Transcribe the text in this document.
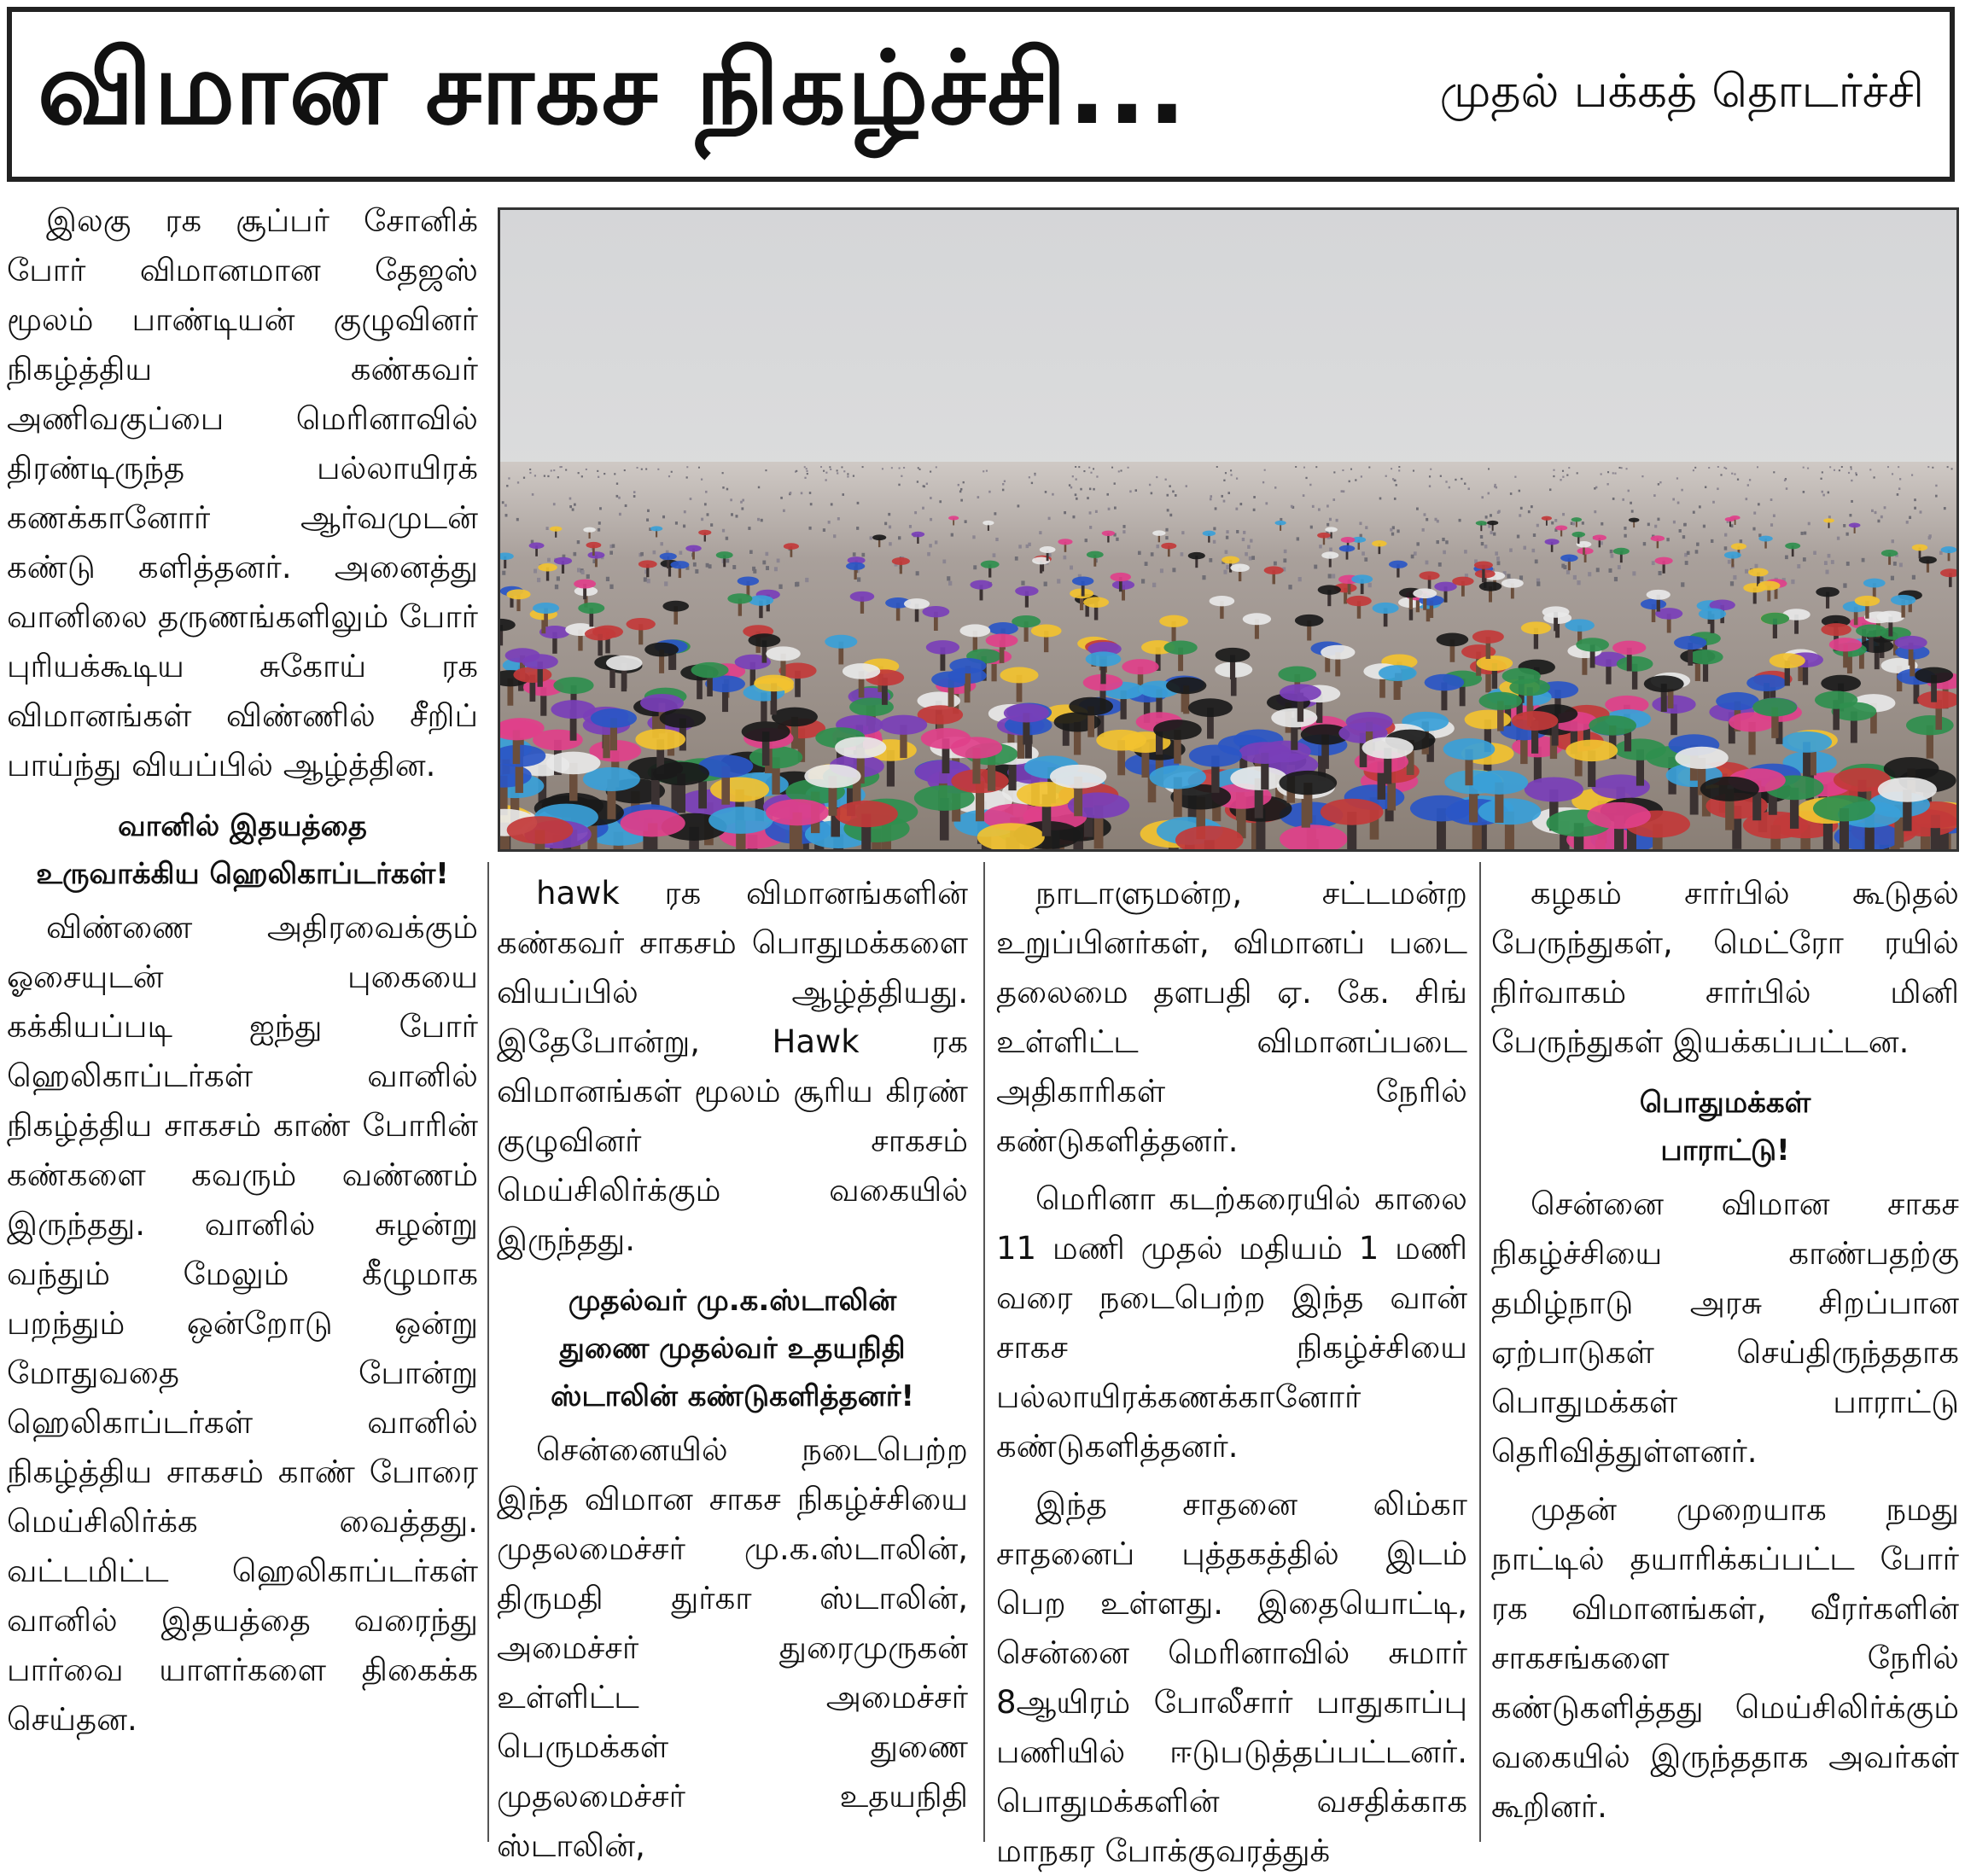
விமான சாகச நிகழ்ச்சி...	முதல் பக்கத் தொடர்ச்சி

இலகு ரக சூப்பர் சோனிக் போர் விமானமான தேஜஸ் மூலம் பாண்டியன் குழுவினர் நிகழ்த்திய கண்கவர் அணிவகுப்பை மெரினாவில் திரண்டிருந்த பல்லாயிரக் கணக்கானோர் ஆர்வமுடன் கண்டு களித்தனர். அனைத்து வானிலை தருணங்களிலும் போர் புரியக்கூடிய சுகோய் ரக விமானங்கள் விண்ணில் சீறிப் பாய்ந்து வியப்பில் ஆழ்த்தின.

வானில் இதயத்தை
உருவாக்கிய ஹெலிகாப்டர்கள்!

விண்ணை அதிரவைக்கும் ஓசையுடன் புகையை கக்கியப்படி ஐந்து போர் ஹெலிகாப்டர்கள் வானில் நிகழ்த்திய சாகசம் காண் போரின் கண்களை கவரும் வண்ணம் இருந்தது. வானில் சுழன்று வந்தும் மேலும் கீழுமாக பறந்தும் ஒன்றோடு ஒன்று மோதுவதை போன்று ஹெலிகாப்டர்கள் வானில் நிகழ்த்திய சாகசம் காண் போரை மெய்சிலிர்க்க வைத்தது. வட்டமிட்ட ஹெலிகாப்டர்கள் வானில் இதயத்தை வரைந்து பார்வை யாளர்களை திகைக்க செய்தன.

hawk ரக விமானங்களின் கண்கவர் சாகசம் பொதுமக்களை வியப்பில் ஆழ்த்தியது. இதேபோன்று, Hawk ரக விமானங்கள் மூலம் சூரிய கிரண் குழுவினர் சாகசம் மெய்சிலிர்க்கும் வகையில் இருந்தது.

முதல்வர் மு.க.ஸ்டாலின்
துணை முதல்வர் உதயநிதி
ஸ்டாலின் கண்டுகளித்தனர்!

சென்னையில் நடைபெற்ற இந்த விமான சாகச நிகழ்ச்சியை முதலமைச்சர் மு.க.ஸ்டாலின், திருமதி துர்கா ஸ்டாலின், அமைச்சர் துரைமுருகன் உள்ளிட்ட அமைச்சர் பெருமக்கள் துணை முதலமைச்சர் உதயநிதி ஸ்டாலின்,

நாடாளுமன்ற, சட்டமன்ற உறுப்பினர்கள், விமானப் படை தலைமை தளபதி ஏ. கே. சிங் உள்ளிட்ட விமானப்படை அதிகாரிகள் நேரில் கண்டுகளித்தனர்.

மெரினா கடற்கரையில் காலை 11 மணி முதல் மதியம் 1 மணி வரை நடைபெற்ற இந்த வான் சாகச நிகழ்ச்சியை பல்லாயிரக்கணக்கானோர் கண்டுகளித்தனர்.

இந்த சாதனை லிம்கா சாதனைப் புத்தகத்தில் இடம் பெற உள்ளது. இதையொட்டி, சென்னை மெரினாவில் சுமார் 8ஆயிரம் போலீசார் பாதுகாப்பு பணியில் ஈடுபடுத்தப்பட்டனர். பொதுமக்களின் வசதிக்காக மாநகர போக்குவரத்துக்

கழகம் சார்பில் கூடுதல் பேருந்துகள், மெட்ரோ ரயில் நிர்வாகம் சார்பில் மினி பேருந்துகள் இயக்கப்பட்டன.

பொதுமக்கள்
பாராட்டு!

சென்னை விமான சாகச நிகழ்ச்சியை காண்பதற்கு தமிழ்நாடு அரசு சிறப்பான ஏற்பாடுகள் செய்திருந்ததாக பொதுமக்கள் பாராட்டு தெரிவித்துள்ளனர்.

முதன் முறையாக நமது நாட்டில் தயாரிக்கப்பட்ட போர் ரக விமானங்கள், வீரர்களின் சாகசங்களை நேரில் கண்டுகளித்தது மெய்சிலிர்க்கும் வகையில் இருந்ததாக அவர்கள் கூறினர்.
